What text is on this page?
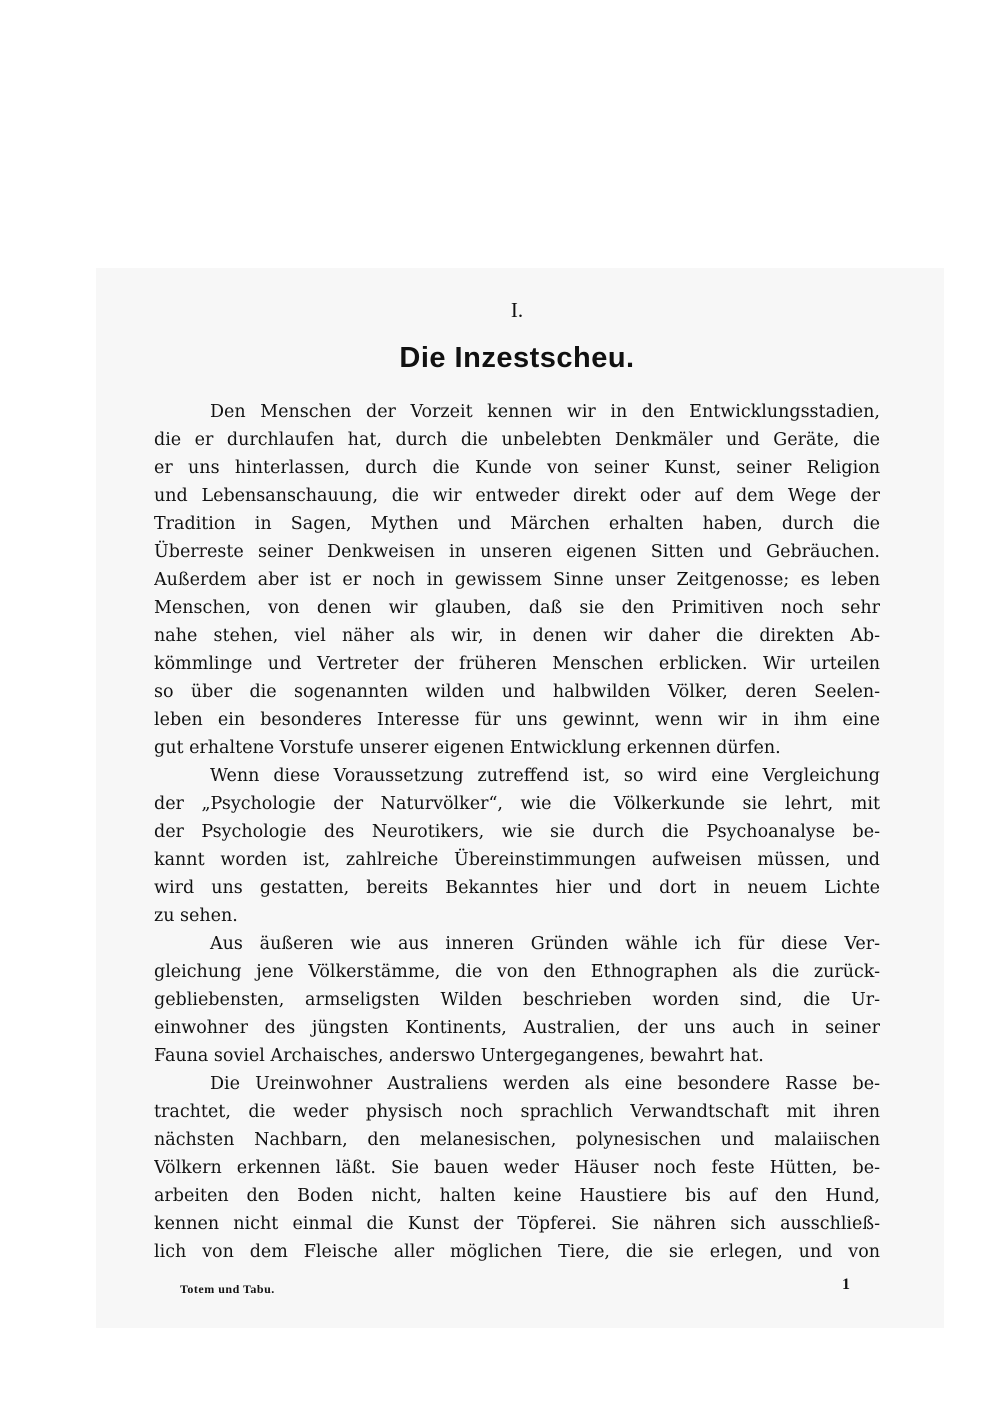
I.
Die Inzestscheu.

Den Menschen der Vorzeit kennen wir in den Entwicklungsstadien,
die er durchlaufen hat, durch die unbelebten Denkmäler und Geräte, die
er uns hinterlassen, durch die Kunde von seiner Kunst, seiner Religion
und Lebensanschauung, die wir entweder direkt oder auf dem Wege der
Tradition in Sagen, Mythen und Märchen erhalten haben, durch die
Überreste seiner Denkweisen in unseren eigenen Sitten und Gebräuchen.
Außerdem aber ist er noch in gewissem Sinne unser Zeitgenosse; es leben
Menschen, von denen wir glauben, daß sie den Primitiven noch sehr
nahe stehen, viel näher als wir, in denen wir daher die direkten Ab-
kömmlinge und Vertreter der früheren Menschen erblicken. Wir urteilen
so über die sogenannten wilden und halbwilden Völker, deren Seelen-
leben ein besonderes Interesse für uns gewinnt, wenn wir in ihm eine
gut erhaltene Vorstufe unserer eigenen Entwicklung erkennen dürfen.

Wenn diese Voraussetzung zutreffend ist, so wird eine Vergleichung
der „Psychologie der Naturvölker“, wie die Völkerkunde sie lehrt, mit
der Psychologie des Neurotikers, wie sie durch die Psychoanalyse be-
kannt worden ist, zahlreiche Übereinstimmungen aufweisen müssen, und
wird uns gestatten, bereits Bekanntes hier und dort in neuem Lichte
zu sehen.

Aus äußeren wie aus inneren Gründen wähle ich für diese Ver-
gleichung jene Völkerstämme, die von den Ethnographen als die zurück-
gebliebensten, armseligsten Wilden beschrieben worden sind, die Ur-
einwohner des jüngsten Kontinents, Australien, der uns auch in seiner
Fauna soviel Archaisches, anderswo Untergegangenes, bewahrt hat.

Die Ureinwohner Australiens werden als eine besondere Rasse be-
trachtet, die weder physisch noch sprachlich Verwandtschaft mit ihren
nächsten Nachbarn, den melanesischen, polynesischen und malaiischen
Völkern erkennen läßt. Sie bauen weder Häuser noch feste Hütten, be-
arbeiten den Boden nicht, halten keine Haustiere bis auf den Hund,
kennen nicht einmal die Kunst der Töpferei. Sie nähren sich ausschließ-
lich von dem Fleische aller möglichen Tiere, die sie erlegen, und von

Totem und Tabu.	1
